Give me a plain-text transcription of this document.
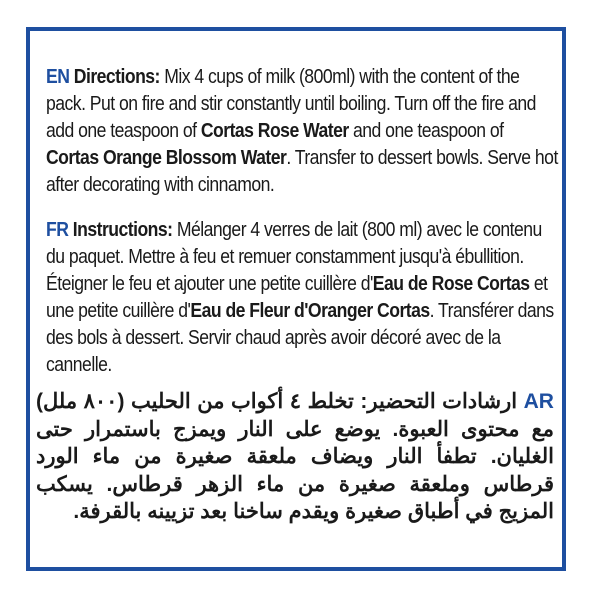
EN Directions: Mix 4 cups of milk (800ml) with the content of the pack. Put on fire and stir constantly until boiling. Turn off the fire and add one teaspoon of Cortas Rose Water and one teaspoon of Cortas Orange Blossom Water. Transfer to dessert bowls. Serve hot after decorating with cinnamon.
FR Instructions: Mélanger 4 verres de lait (800 ml) avec le contenu du paquet. Mettre à feu et remuer constamment jusqu'à ébullition. Éteigner le feu et ajouter une petite cuillère d'Eau de Rose Cortas et une petite cuillère d'Eau de Fleur d'Oranger Cortas. Transférer dans des bols à dessert. Servir chaud après avoir décoré avec de la cannelle.
AR ارشادات التحضير: تخلط ٤ أكواب من الحليب (٨٠٠ ملل) مع محتوى العبوة. يوضع على النار ويمزج باستمرار حتى الغليان. تطفأ النار ويضاف ملعقة صغيرة من ماء الورد قرطاس وملعقة صغيرة من ماء الزهر قرطاس. يسكب المزيج في أطباق صغيرة ويقدم ساخنا بعد تزيينه بالقرفة.
